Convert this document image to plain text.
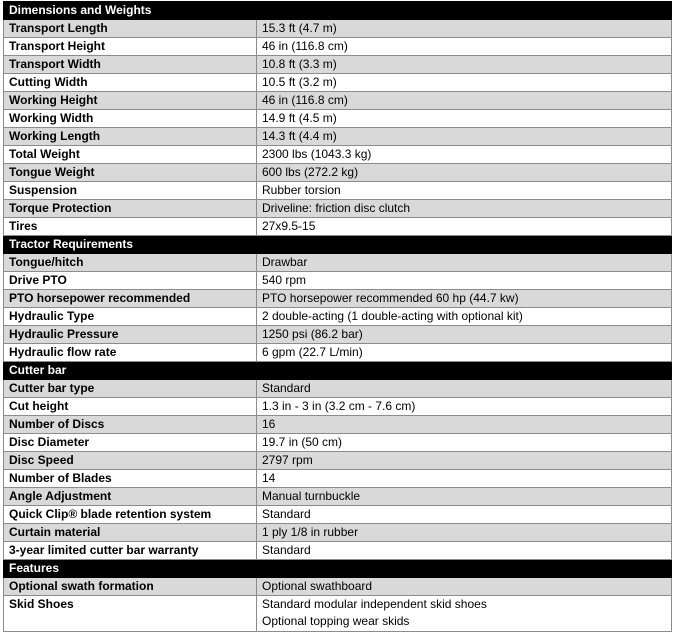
Dimensions and Weights	
Transport Length	15.3 ft (4.7 m)

Transport Height	46 in (116.8 cm)

Transport Width	10.8 ft (3.3 m)

Cutting Width	10.5 ft (3.2 m)

Working Height	46 in (116.8 cm)

Working Width	14.9 ft (4.5 m)

Working Length	14.3 ft (4.4 m)

Total Weight	2300 lbs (1043.3 kg)

Tongue Weight	600 lbs (272.2 kg)

Suspension	Rubber torsion

Torque Protection	Driveline: friction disc clutch

Tires	27x9.5-15

Tractor Requirements	
Tongue/hitch	Drawbar

Drive PTO	540 rpm

PTO horsepower recommended	PTO horsepower recommended 60 hp (44.7 kw)

Hydraulic Type	2 double-acting (1 double-acting with optional kit)

Hydraulic Pressure	1250 psi (86.2 bar)

Hydraulic flow rate	6 gpm (22.7 L/min)

Cutter bar	
Cutter bar type	Standard

Cut height	1.3 in - 3 in (3.2 cm - 7.6 cm)

Number of Discs	16

Disc Diameter	19.7 in (50 cm)

Disc Speed	2797 rpm

Number of Blades	14

Angle Adjustment	Manual turnbuckle

Quick Clip® blade retention system	Standard

Curtain material	1 ply 1/8 in rubber

3-year limited cutter bar warranty	Standard

Features	
Optional swath formation	Optional swathboard

Skid Shoes	Standard modular independent skid shoes
Optional topping wear skids
